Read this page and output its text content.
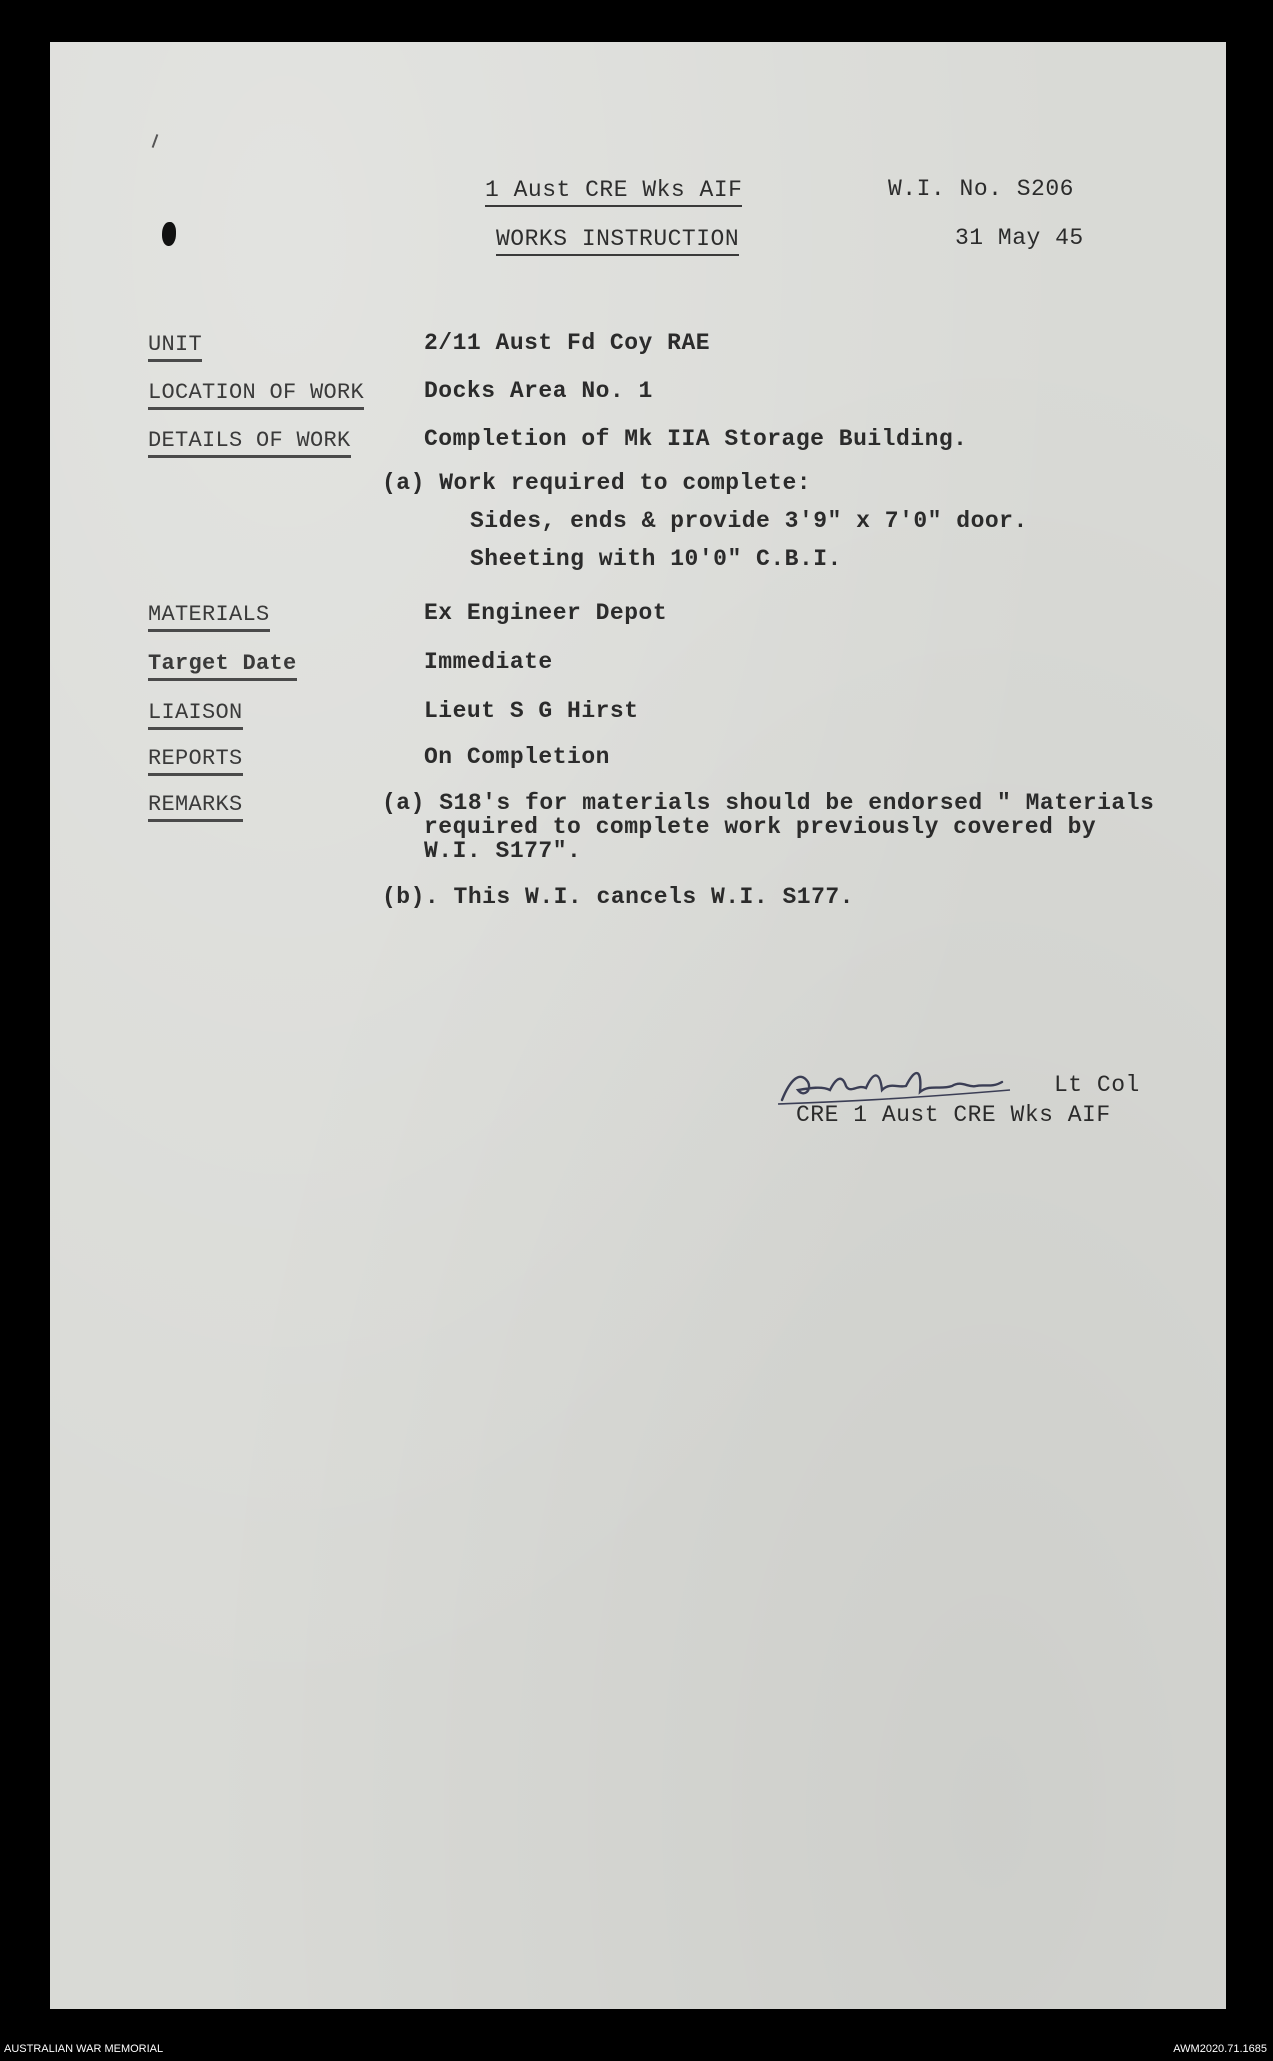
1 Aust CRE Wks AIF
WORKS INSTRUCTION
W.I. No. S206
31 May 45
UNIT	2/11 Aust Fd Coy RAE
LOCATION OF WORK	Docks Area No. 1
DETAILS OF WORK	Completion of Mk IIA Storage Building.
(a) Work required to complete:
Sides, ends & provide 3'9" x 7'0" door.
Sheeting with 10'0" C.B.I.
MATERIALS	Ex Engineer Depot
Target Date	Immediate
LIAISON	Lieut S G Hirst
REPORTS	On Completion
REMARKS	(a) S18's for materials should be endorsed " Materials
required to complete work previously covered by
W.I. S177".
(b). This W.I. cancels W.I. S177.
Lt Col
CRE 1 Aust CRE Wks AIF
AUSTRALIAN WAR MEMORIAL	AWM2020.71.1685
